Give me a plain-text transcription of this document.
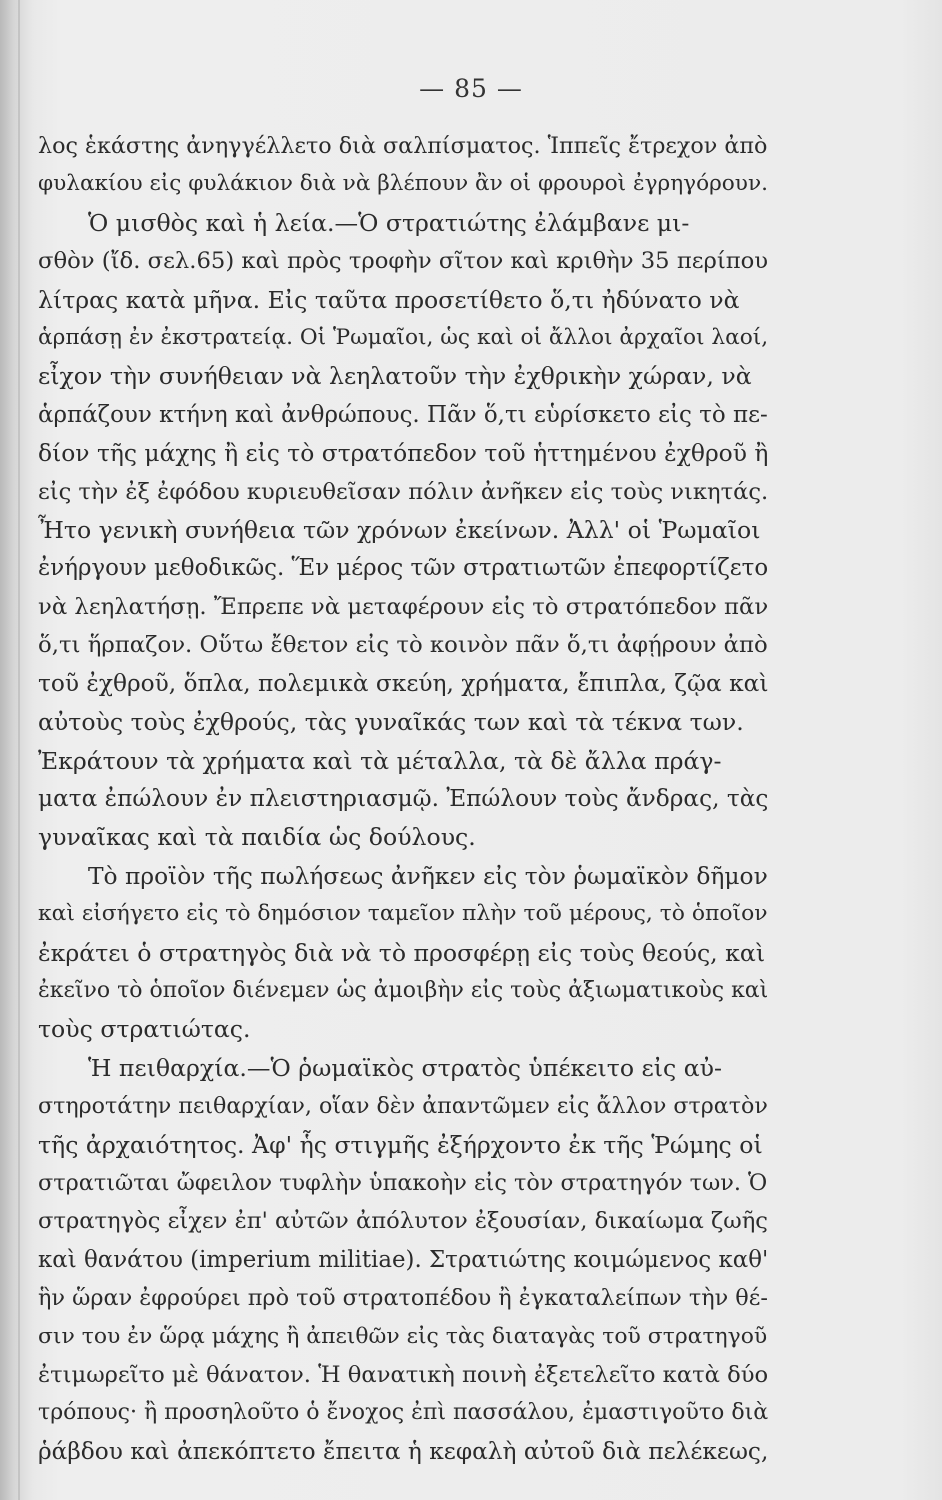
— 85 —
λος ἑκάστης ἀνηγγέλλετο διὰ σαλπίσματος. Ἱππεῖς ἔτρεχον ἀπὸ
φυλακίου εἰς φυλάκιον διὰ νὰ βλέπουν ἂν οἱ φρουροὶ ἐγρηγόρουν.
Ὁ μισθὸς καὶ ἡ λεία.—Ὁ στρατιώτης ἐλάμβανε μι-
σθὸν (ἴδ. σελ.65) καὶ πρὸς τροφὴν σῖτον καὶ κριθὴν 35 περίπου
λίτρας κατὰ μῆνα. Εἰς ταῦτα προσετίθετο ὅ,τι ἠδύνατο νὰ
ἁρπάσῃ ἐν ἐκστρατείᾳ. Οἱ Ῥωμαῖοι, ὡς καὶ οἱ ἄλλοι ἀρχαῖοι λαοί,
εἶχον τὴν συνήθειαν νὰ λεηλατοῦν τὴν ἐχθρικὴν χώραν, νὰ
ἁρπάζουν κτήνη καὶ ἀνθρώπους. Πᾶν ὅ,τι εὑρίσκετο εἰς τὸ πε-
δίον τῆς μάχης ἢ εἰς τὸ στρατόπεδον τοῦ ἡττημένου ἐχθροῦ ἢ
εἰς τὴν ἐξ ἐφόδου κυριευθεῖσαν πόλιν ἀνῆκεν εἰς τοὺς νικητάς.
Ἦτο γενικὴ συνήθεια τῶν χρόνων ἐκείνων. Ἀλλ' οἱ Ῥωμαῖοι
ἐνήργουν μεθοδικῶς. Ἕν μέρος τῶν στρατιωτῶν ἐπεφορτίζετο
νὰ λεηλατήσῃ. Ἔπρεπε νὰ μεταφέρουν εἰς τὸ στρατόπεδον πᾶν
ὅ,τι ἥρπαζον. Οὕτω ἔθετον εἰς τὸ κοινὸν πᾶν ὅ,τι ἀφῄρουν ἀπὸ
τοῦ ἐχθροῦ, ὅπλα, πολεμικὰ σκεύη, χρήματα, ἔπιπλα, ζῷα καὶ
αὐτοὺς τοὺς ἐχθρούς, τὰς γυναῖκάς των καὶ τὰ τέκνα των.
Ἐκράτουν τὰ χρήματα καὶ τὰ μέταλλα, τὰ δὲ ἄλλα πράγ-
ματα ἐπώλουν ἐν πλειστηριασμῷ. Ἐπώλουν τοὺς ἄνδρας, τὰς
γυναῖκας καὶ τὰ παιδία ὡς δούλους.
Τὸ προϊὸν τῆς πωλήσεως ἀνῆκεν εἰς τὸν ῥωμαϊκὸν δῆμον
καὶ εἰσήγετο εἰς τὸ δημόσιον ταμεῖον πλὴν τοῦ μέρους, τὸ ὁποῖον
ἐκράτει ὁ στρατηγὸς διὰ νὰ τὸ προσφέρῃ εἰς τοὺς θεούς, καὶ
ἐκεῖνο τὸ ὁποῖον διένεμεν ὡς ἀμοιβὴν εἰς τοὺς ἀξιωματικοὺς καὶ
τοὺς στρατιώτας.
Ἡ πειθαρχία.—Ὁ ῥωμαϊκὸς στρατὸς ὑπέκειτο εἰς αὐ-
στηροτάτην πειθαρχίαν, οἵαν δὲν ἀπαντῶμεν εἰς ἄλλον στρατὸν
τῆς ἀρχαιότητος. Ἀφ' ἧς στιγμῆς ἐξήρχοντο ἐκ τῆς Ῥώμης οἱ
στρατιῶται ὤφειλον τυφλὴν ὑπακοὴν εἰς τὸν στρατηγόν των. Ὁ
στρατηγὸς εἶχεν ἐπ' αὐτῶν ἀπόλυτον ἐξουσίαν, δικαίωμα ζωῆς
καὶ θανάτου (imperium militiae). Στρατιώτης κοιμώμενος καθ'
ἣν ὥραν ἐφρούρει πρὸ τοῦ στρατοπέδου ἢ ἐγκαταλείπων τὴν θέ-
σιν του ἐν ὥρᾳ μάχης ἢ ἀπειθῶν εἰς τὰς διαταγὰς τοῦ στρατηγοῦ
ἐτιμωρεῖτο μὲ θάνατον. Ἡ θανατικὴ ποινὴ ἐξετελεῖτο κατὰ δύο
τρόπους· ἢ προσηλοῦτο ὁ ἔνοχος ἐπὶ πασσάλου, ἐμαστιγοῦτο διὰ
ῥάβδου καὶ ἀπεκόπτετο ἔπειτα ἡ κεφαλὴ αὐτοῦ διὰ πελέκεως,
